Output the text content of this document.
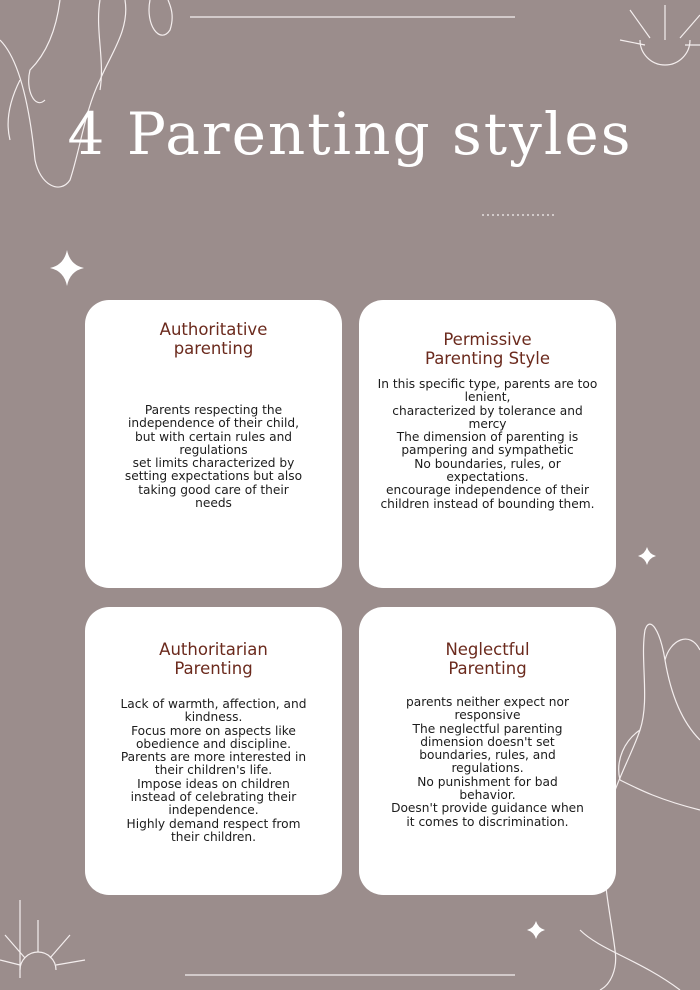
4 Parenting styles
Authoritative
parenting
Parents respecting the
independence of their child,
but with certain rules and
regulations
set limits characterized by
setting expectations but also
taking good care of their
needs
Permissive
Parenting Style
In this specific type, parents are too
lenient,
characterized by tolerance and
mercy
The dimension of parenting is
pampering and sympathetic
No boundaries, rules, or
expectations.
encourage independence of their
children instead of bounding them.
Authoritarian
Parenting
Lack of warmth, affection, and
kindness.
Focus more on aspects like
obedience and discipline.
Parents are more interested in
their children's life.
Impose ideas on children
instead of celebrating their
independence.
Highly demand respect from
their children.
Neglectful
Parenting
parents neither expect nor
responsive
The neglectful parenting
dimension doesn't set
boundaries, rules, and
regulations.
No punishment for bad
behavior.
Doesn't provide guidance when
it comes to discrimination.
